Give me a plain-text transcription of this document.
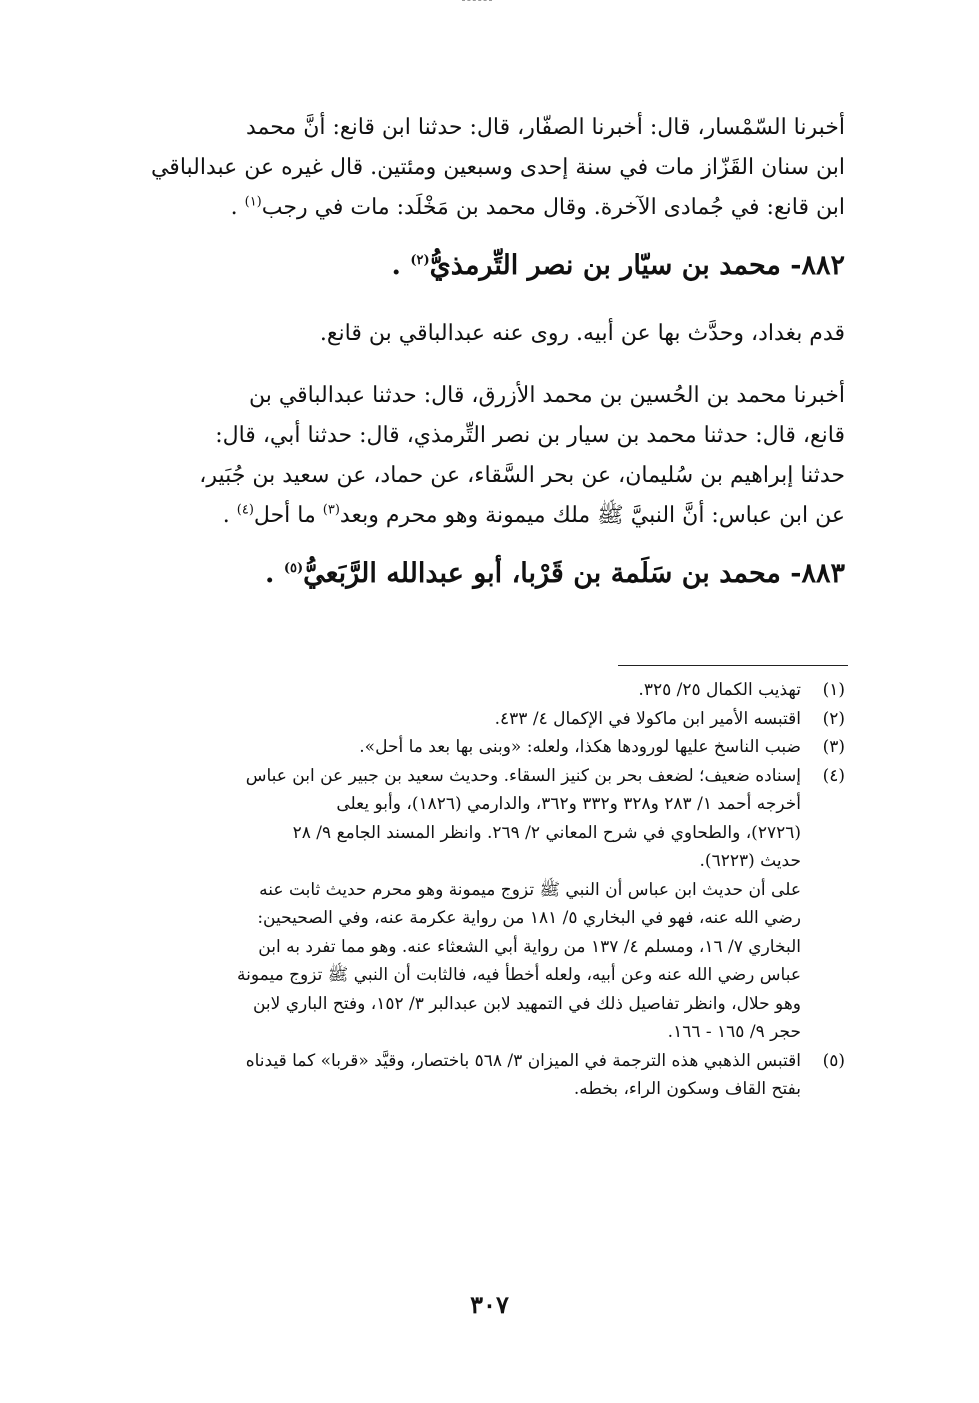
أخبرنا السّمْسار، قال: أخبرنا الصفّار، قال: حدثنا ابن قانع: أنَّ محمد
ابن سنان القَزّاز مات في سنة إحدى وسبعين ومئتين. قال غيره عن عبدالباقي
ابن قانع: في جُمادى الآخرة. وقال محمد بن مَخْلَد: مات في رجب$^{(١)}$ .

٨٨٢- محمد بن سيّار بن نصر التِّرمذيُّ$^{(٢)}$ .

قدم بغداد، وحدَّث بها عن أبيه. روى عنه عبدالباقي بن قانع.

أخبرنا محمد بن الحُسين بن محمد الأزرق، قال: حدثنا عبدالباقي بن
قانع، قال: حدثنا محمد بن سيار بن نصر التِّرمذي، قال: حدثنا أبي، قال:
حدثنا إبراهيم بن سُليمان، عن بحر السَّقاء، عن حماد، عن سعيد بن جُبَير،
عن ابن عباس: أنَّ النبيَّ ﷺ ملك ميمونة وهو محرم وبعد$^{(٣)}$ ما أحل$^{(٤)}$ .

٨٨٣- محمد بن سَلَمة بن قَرْبا، أبو عبدالله الرَّبَعيُّ$^{(٥)}$ .
(١)
تهذيب الكمال ٢٥/ ٣٢٥.
(٢)
اقتبسه الأمير ابن ماكولا في الإكمال ٤/ ٤٣٣.
(٣)
ضبب الناسخ عليها لورودها هكذا، ولعله: «وبنى بها بعد ما أحل».
(٤)
إسناده ضعيف؛ لضعف بحر بن كنيز السقاء. وحديث سعيد بن جبير عن ابن عباس
أخرجه أحمد ١/ ٢٨٣ و٣٢٨ و٣٣٢ و٣٦٢، والدارمي (١٨٢٦)، وأبو يعلى
(٢٧٢٦)، والطحاوي في شرح المعاني ٢/ ٢٦٩. وانظر المسند الجامع ٩/ ٢٨
حديث (٦٢٢٣).
على أن حديث ابن عباس أن النبي ﷺ تزوج ميمونة وهو محرم حديث ثابت عنه
رضي الله عنه، فهو في البخاري ٥/ ١٨١ من رواية عكرمة عنه، وفي الصحيحين:
البخاري ٧/ ١٦، ومسلم ٤/ ١٣٧ من رواية أبي الشعثاء عنه. وهو مما تفرد به ابن
عباس رضي الله عنه وعن أبيه، ولعله أخطأ فيه، فالثابت أن النبي ﷺ تزوج ميمونة
وهو حلال، وانظر تفاصيل ذلك في التمهيد لابن عبدالبر ٣/ ١٥٢، وفتح الباري لابن
حجر ٩/ ١٦٥ - ١٦٦.
(٥)
اقتبس الذهبي هذه الترجمة في الميزان ٣/ ٥٦٨ باختصار، وقيَّد «قربا» كما قيدناه
بفتح القاف وسكون الراء، بخطه.
٣٠٧
